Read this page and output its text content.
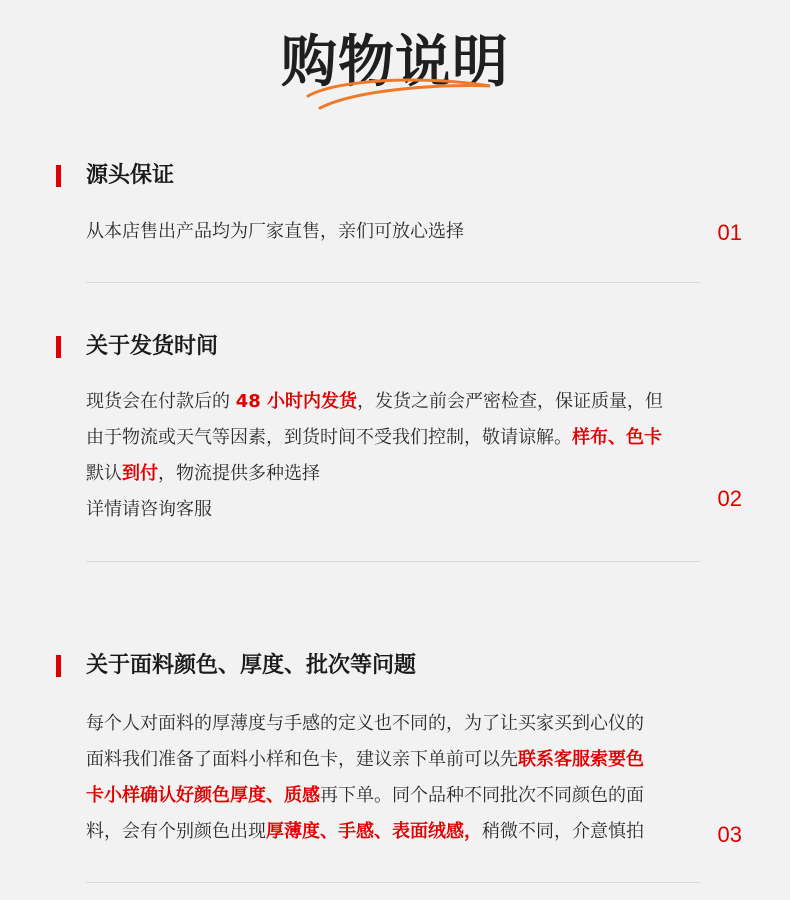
购物说明
源头保证
从本店售出产品均为厂家直售，亲们可放心选择	01
关于发货时间
现货会在付款后的 48 小时内发货，发货之前会严密检查，保证质量，但
由于物流或天气等因素，到货时间不受我们控制，敬请谅解。样布、色卡
默认到付，物流提供多种选择
详情请咨询客服	02
关于面料颜色、厚度、批次等问题
每个人对面料的厚薄度与手感的定义也不同的，为了让买家买到心仪的
面料我们准备了面料小样和色卡，建议亲下单前可以先联系客服索要色
卡小样确认好颜色厚度、质感再下单。同个品种不同批次不同颜色的面
料，会有个别颜色出现厚薄度、手感、表面绒感，稍微不同，介意慎拍	03
